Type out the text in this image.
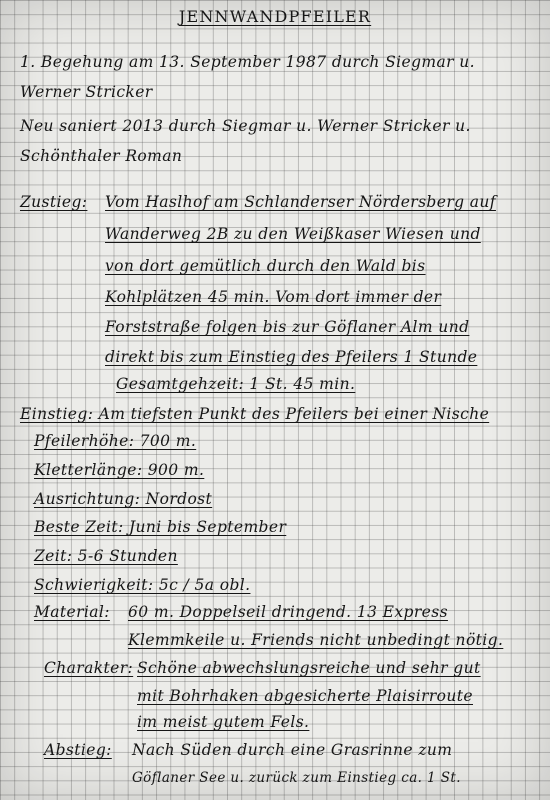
JENNWANDPFEILER
1. Begehung am 13. September 1987 durch Siegmar u.
Werner Stricker
Neu saniert 2013 durch Siegmar u. Werner Stricker u.
Schönthaler Roman
Zustieg: Vom Haslhof am Schlanderser Nördersberg auf
Wanderweg 2B zu den Weißkaser Wiesen und
von dort gemütlich durch den Wald bis
Kohlplätzen 45 min. Vom dort immer der
Forststraße folgen bis zur Göflaner Alm und
direkt bis zum Einstieg des Pfeilers 1 Stunde
Gesamtgehzeit: 1 St. 45 min.
Einstieg: Am tiefsten Punkt des Pfeilers bei einer Nische
Pfeilerhöhe: 700 m.
Kletterlänge: 900 m.
Ausrichtung: Nordost
Beste Zeit: Juni bis September
Zeit: 5-6 Stunden
Schwierigkeit: 5c / 5a obl.
Material: 60 m. Doppelseil dringend. 13 Express
Klemmkeile u. Friends nicht unbedingt nötig.
Charakter: Schöne abwechslungsreiche und sehr gut
mit Bohrhaken abgesicherte Plaisirroute
im meist gutem Fels.
Abstieg: Nach Süden durch eine Grasrinne zum
Göflaner See u. zurück zum Einstieg ca. 1 St.
